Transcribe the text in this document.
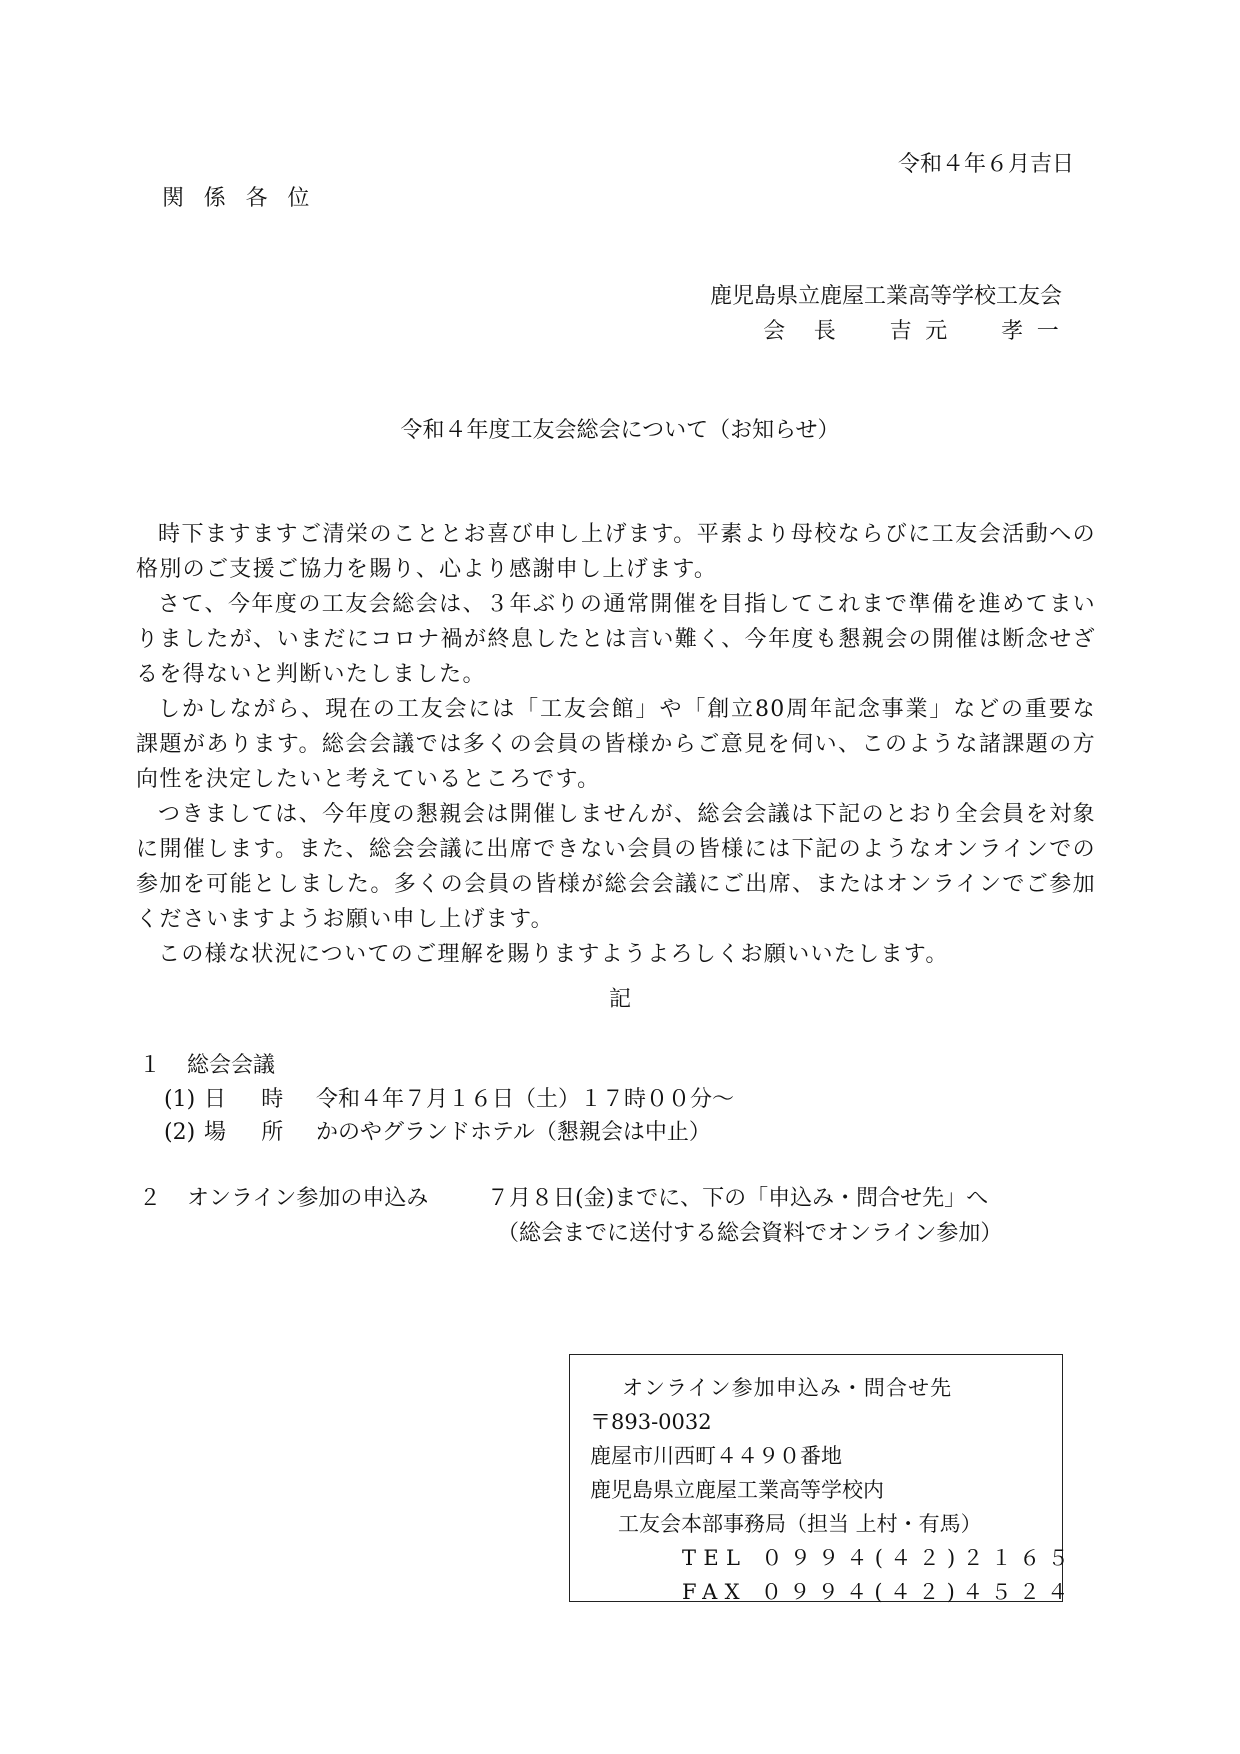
令和４年６月吉日
関係各位
鹿児島県立鹿屋工業高等学校工友会
会　長　　吉 元　　孝 一
令和４年度工友会総会について（お知らせ）

時下ますますご清栄のこととお喜び申し上げます。平素より母校ならびに工友会活動への格別のご支援ご協力を賜り、心より感謝申し上げます。

さて、今年度の工友会総会は、３年ぶりの通常開催を目指してこれまで準備を進めてまいりましたが、いまだにコロナ禍が終息したとは言い難く、今年度も懇親会の開催は断念せざるを得ないと判断いたしました。

しかしながら、現在の工友会には「工友会館」や「創立80周年記念事業」などの重要な課題があります。総会会議では多くの会員の皆様からご意見を伺い、このような諸課題の方向性を決定したいと考えているところです。

つきましては、今年度の懇親会は開催しませんが、総会会議は下記のとおり全会員を対象に開催します。また、総会会議に出席できない会員の皆様には下記のようなオンラインでの参加を可能としました。多くの会員の皆様が総会会議にご出席、またはオンラインでご参加くださいますようお願い申し上げます。

この様な状況についてのご理解を賜りますようよろしくお願いいたします。

記
１ 総会会議
(1) 日　時 令和４年７月１６日（土）１７時００分～
(2) 場　所 かのやグランドホテル（懇親会は中止）
２ オンライン参加の申込み	７月８日(金)までに、下の「申込み・問合せ先」へ
（総会までに送付する総会資料でオンライン参加）
オンライン参加申込み・問合せ先
〒893-0032
鹿屋市川西町４４９０番地
鹿児島県立鹿屋工業高等学校内
工友会本部事務局（担当 上村・有馬）
TEL ０９９４(４２)２１６５
FAX ０９９４(４２)４５２４
